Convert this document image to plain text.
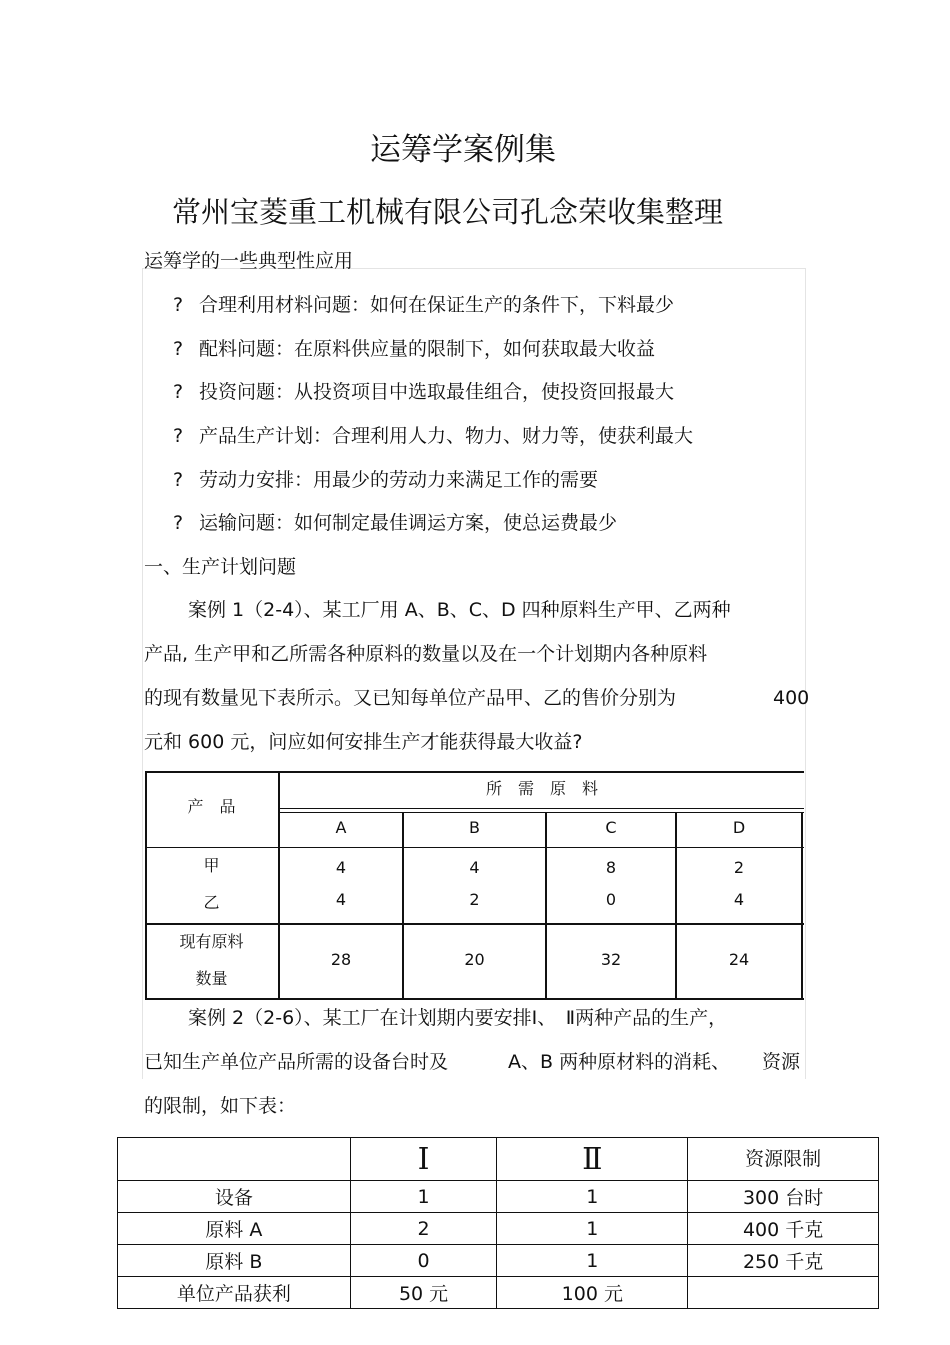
运筹学案例集
常州宝菱重工机械有限公司孔念荣收集整理
运筹学的一些典型性应用
? 合理利用材料问题：如何在保证生产的条件下，下料最少
? 配料问题：在原料供应量的限制下，如何获取最大收益
? 投资问题：从投资项目中选取最佳组合，使投资回报最大
? 产品生产计划：合理利用人力、物力、财力等，使获利最大
? 劳动力安排：用最少的劳动力来满足工作的需要
? 运输问题：如何制定最佳调运方案，使总运费最少
一、生产计划问题
案例 1（2-4）、某工厂用 A、B、C、D 四种原料生产甲、乙两种
产品, 生产甲和乙所需各种原料的数量以及在一个计划期内各种原料
的现有数量见下表所示。又已知每单位产品甲、乙的售价分别为	400
元和 600 元，问应如何安排生产才能获得最大收益?
产　品
所　需　原　料
A	B	C	D
甲	4	4	8	2
乙	4	2	0	4
现有原料
数量
28	20	32	24
案例 2（2-6）、某工厂在计划期内要安排Ⅰ、　Ⅱ两种产品的生产，
已知生产单位产品所需的设备台时及	A、B 两种原材料的消耗、 资源
的限制，如下表：
	Ⅰ	Ⅱ	资源限制
设备	1	1	300 台时
原料 A	2	1	400 千克
原料 B	0	1	250 千克
单位产品获利	50 元	100 元	
